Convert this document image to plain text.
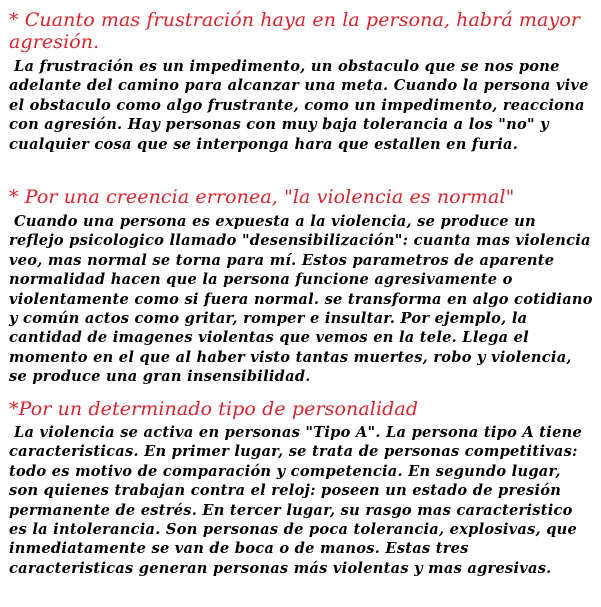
* Cuanto mas frustración haya en la persona, habrá mayor agresión.

La frustración es un impedimento, un obstaculo que se nos pone adelante del camino para alcanzar una meta. Cuando la persona vive el obstaculo como algo frustrante, como un impedimento, reacciona con agresión. Hay personas con muy baja tolerancia a los "no" y cualquier cosa que se interponga hara que estallen en furia.

* Por una creencia erronea, "la violencia es normal"

Cuando una persona es expuesta a la violencia, se produce un reflejo psicologico llamado "desensibilización": cuanta mas violencia veo, mas normal se torna para mí. Estos parametros de aparente normalidad hacen que la persona funcione agresivamente o violentamente como si fuera normal. se transforma en algo cotidiano y común actos como gritar, romper e insultar. Por ejemplo, la cantidad de imagenes violentas que vemos en la tele. Llega el momento en el que al haber visto tantas muertes, robo y violencia, se produce una gran insensibilidad.

*Por un determinado tipo de personalidad

La violencia se activa en personas "Tipo A". La persona tipo A tiene caracteristicas. En primer lugar, se trata de personas competitivas: todo es motivo de comparación y competencia. En segundo lugar, son quienes trabajan contra el reloj: poseen un estado de presión permanente de estrés. En tercer lugar, su rasgo mas caracteristico es la intolerancia. Son personas de poca tolerancia, explosivas, que inmediatamente se van de boca o de manos. Estas tres caracteristicas generan personas más violentas y mas agresivas.
